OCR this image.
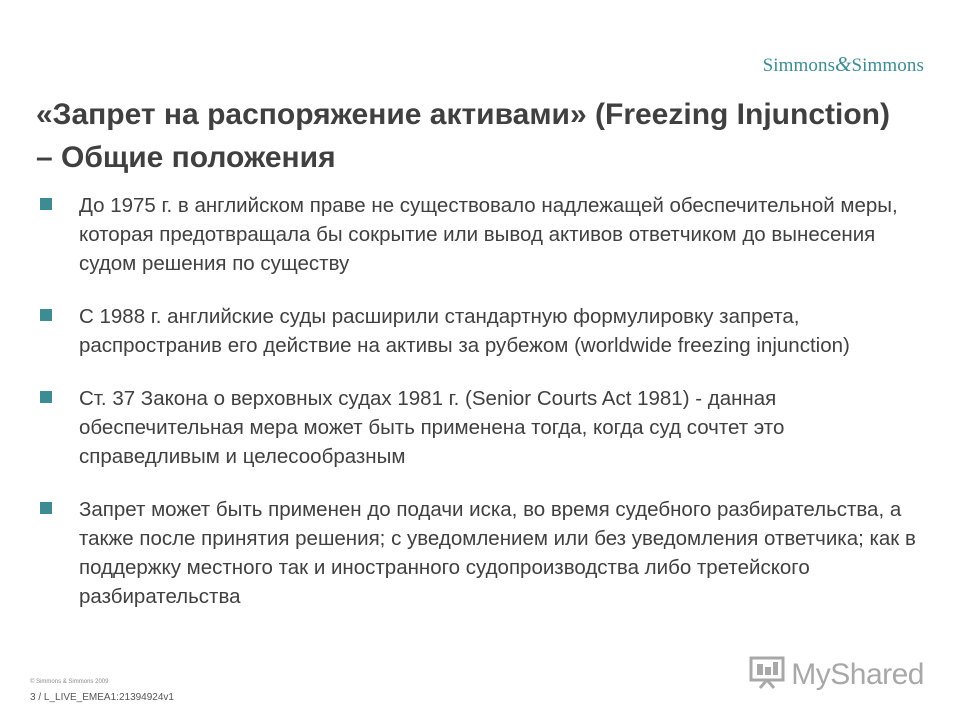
Simmons&Simmons
«Запрет на распоряжение активами» (Freezing Injunction) – Общие положения
До 1975 г. в английском праве не существовало надлежащей обеспечительной меры, которая предотвращала бы сокрытие или вывод активов ответчиком до вынесения судом решения по существу
С 1988 г. английские суды расширили стандартную формулировку запрета, распространив его действие на активы за рубежом (worldwide freezing injunction)
Ст. 37 Закона о верховных судах 1981 г. (Senior Courts Act 1981) - данная обеспечительная мера может быть применена тогда, когда суд сочтет это справедливым и целесообразным
Запрет может быть применен до подачи иска, во время судебного разбирательства, а также после принятия решения; с уведомлением или без уведомления ответчика; как в поддержку местного так и иностранного судопроизводства либо третейского разбирательства
© Simmons & Simmons 2009
3 / L_LIVE_EMEA1:21394924v1
MyShared
